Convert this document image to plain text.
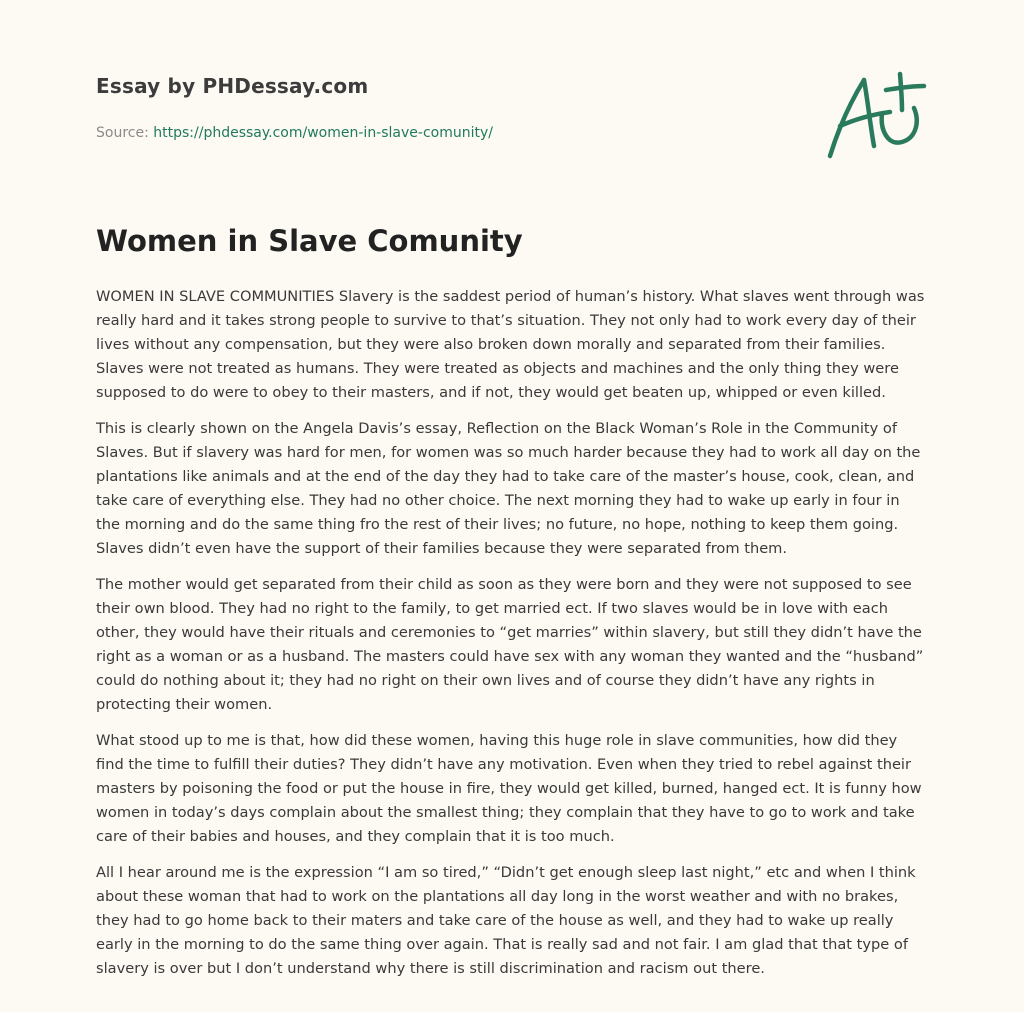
Essay by PHDessay.com

Source: https://phdessay.com/women-in-slave-comunity/
Women in Slave Comunity

WOMEN IN SLAVE COMMUNITIES Slavery is the saddest period of human’s history. What slaves went through was really hard and it takes strong people to survive to that’s situation. They not only had to work every day of their lives without any compensation, but they were also broken down morally and separated from their families. Slaves were not treated as humans. They were treated as objects and machines and the only thing they were supposed to do were to obey to their masters, and if not, they would get beaten up, whipped or even killed.

This is clearly shown on the Angela Davis’s essay, Reflection on the Black Woman’s Role in the Community of Slaves. But if slavery was hard for men, for women was so much harder because they had to work all day on the plantations like animals and at the end of the day they had to take care of the master’s house, cook, clean, and take care of everything else. They had no other choice. The next morning they had to wake up early in four in the morning and do the same thing fro the rest of their lives; no future, no hope, nothing to keep them going. Slaves didn’t even have the support of their families because they were separated from them.

The mother would get separated from their child as soon as they were born and they were not supposed to see their own blood. They had no right to the family, to get married ect. If two slaves would be in love with each other, they would have their rituals and ceremonies to “get marries” within slavery, but still they didn’t have the right as a woman or as a husband. The masters could have sex with any woman they wanted and the “husband” could do nothing about it; they had no right on their own lives and of course they didn’t have any rights in protecting their women.

What stood up to me is that, how did these women, having this huge role in slave communities, how did they find the time to fulfill their duties? They didn’t have any motivation. Even when they tried to rebel against their masters by poisoning the food or put the house in fire, they would get killed, burned, hanged ect. It is funny how women in today’s days complain about the smallest thing; they complain that they have to go to work and take care of their babies and houses, and they complain that it is too much.

All I hear around me is the expression “I am so tired,” “Didn’t get enough sleep last night,” etc and when I think about these woman that had to work on the plantations all day long in the worst weather and with no brakes, they had to go home back to their maters and take care of the house as well, and they had to wake up really early in the morning to do the same thing over again. That is really sad and not fair. I am glad that that type of slavery is over but I don’t understand why there is still discrimination and racism out there.
